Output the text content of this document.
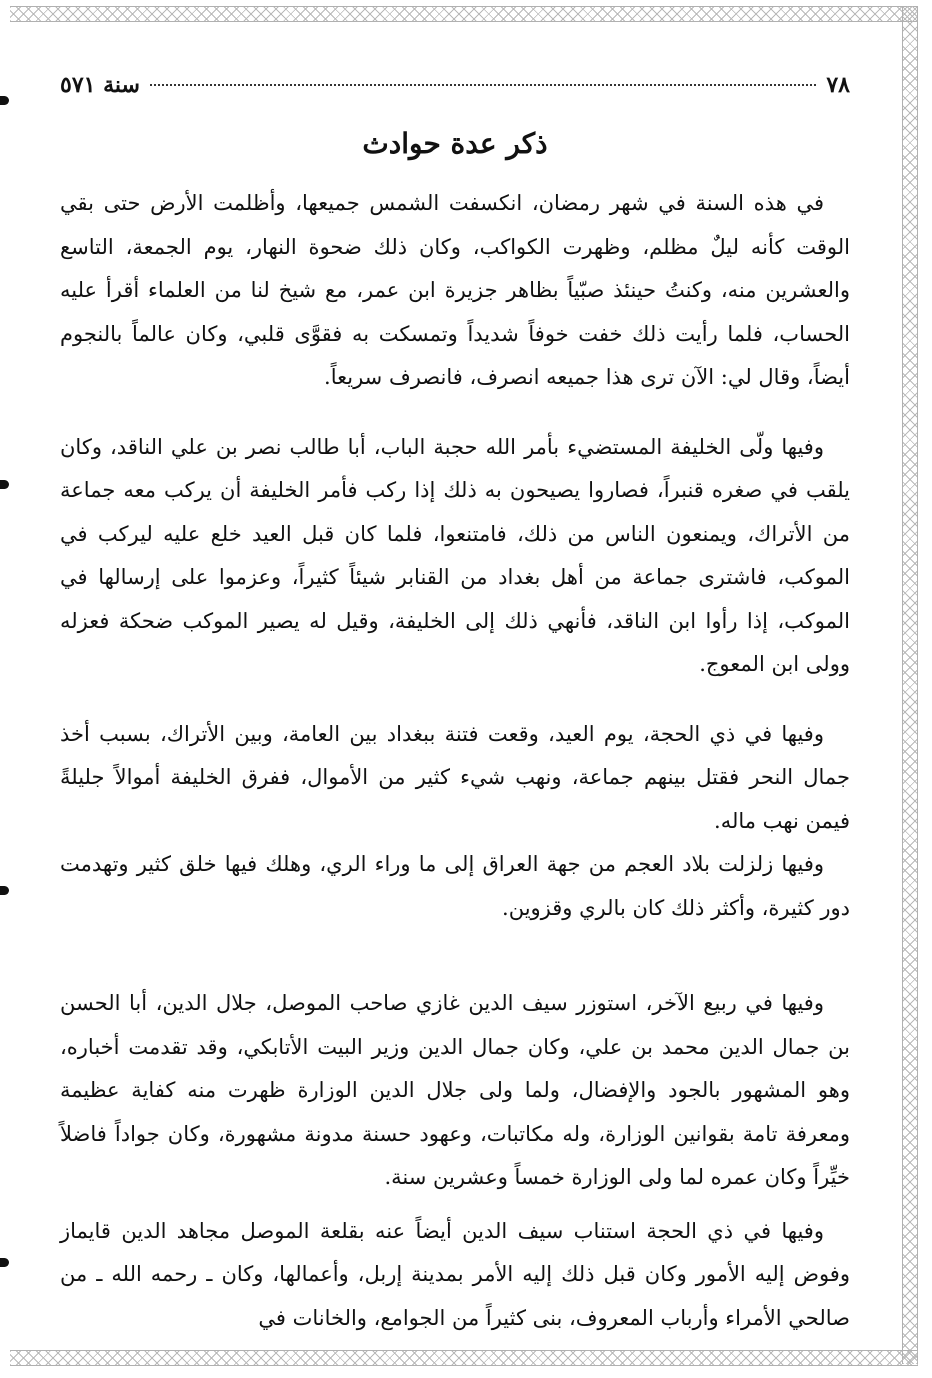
٧٨
سنة ٥٧١
ذكر عدة حوادث

في هذه السنة في شهر رمضان، انكسفت الشمس جميعها، وأظلمت الأرض حتى بقي الوقت كأنه ليلٌ مظلم، وظهرت الكواكب، وكان ذلك ضحوة النهار، يوم الجمعة، التاسع والعشرين منه، وكنتُ حينئذ صبّياً بظاهر جزيرة ابن عمر، مع شيخ لنا من العلماء أقرأ عليه الحساب، فلما رأيت ذلك خفت خوفاً شديداً وتمسكت به فقوَّى قلبي، وكان عالماً بالنجوم أيضاً، وقال لي: الآن ترى هذا جميعه انصرف، فانصرف سريعاً.

وفيها ولّى الخليفة المستضيء بأمر الله حجبة الباب، أبا طالب نصر بن علي الناقد، وكان يلقب في صغره قنبراً، فصاروا يصيحون به ذلك إذا ركب فأمر الخليفة أن يركب معه جماعة من الأتراك، ويمنعون الناس من ذلك، فامتنعوا، فلما كان قبل العيد خلع عليه ليركب في الموكب، فاشترى جماعة من أهل بغداد من القنابر شيئاً كثيراً، وعزموا على إرسالها في الموكب، إذا رأوا ابن الناقد، فأنهي ذلك إلى الخليفة، وقيل له يصير الموكب ضحكة فعزله وولى ابن المعوج.

وفيها في ذي الحجة، يوم العيد، وقعت فتنة ببغداد بين العامة، وبين الأتراك، بسبب أخذ جمال النحر فقتل بينهم جماعة، ونهب شيء كثير من الأموال، ففرق الخليفة أموالاً جليلةً فيمن نهب ماله.

وفيها زلزلت بلاد العجم من جهة العراق إلى ما وراء الري، وهلك فيها خلق كثير وتهدمت دور كثيرة، وأكثر ذلك كان بالري وقزوين.

وفيها في ربيع الآخر، استوزر سيف الدين غازي صاحب الموصل، جلال الدين، أبا الحسن بن جمال الدين محمد بن علي، وكان جمال الدين وزير البيت الأتابكي، وقد تقدمت أخباره، وهو المشهور بالجود والإفضال، ولما ولى جلال الدين الوزارة ظهرت منه كفاية عظيمة ومعرفة تامة بقوانين الوزارة، وله مكاتبات، وعهود حسنة مدونة مشهورة، وكان جواداً فاضلاً خيِّراً وكان عمره لما ولى الوزارة خمساً وعشرين سنة.

وفيها في ذي الحجة استناب سيف الدين أيضاً عنه بقلعة الموصل مجاهد الدين قايماز وفوض إليه الأمور وكان قبل ذلك إليه الأمر بمدينة إربل، وأعمالها، وكان ـ رحمه الله ـ من صالحي الأمراء وأرباب المعروف، بنى كثيراً من الجوامع، والخانات في
